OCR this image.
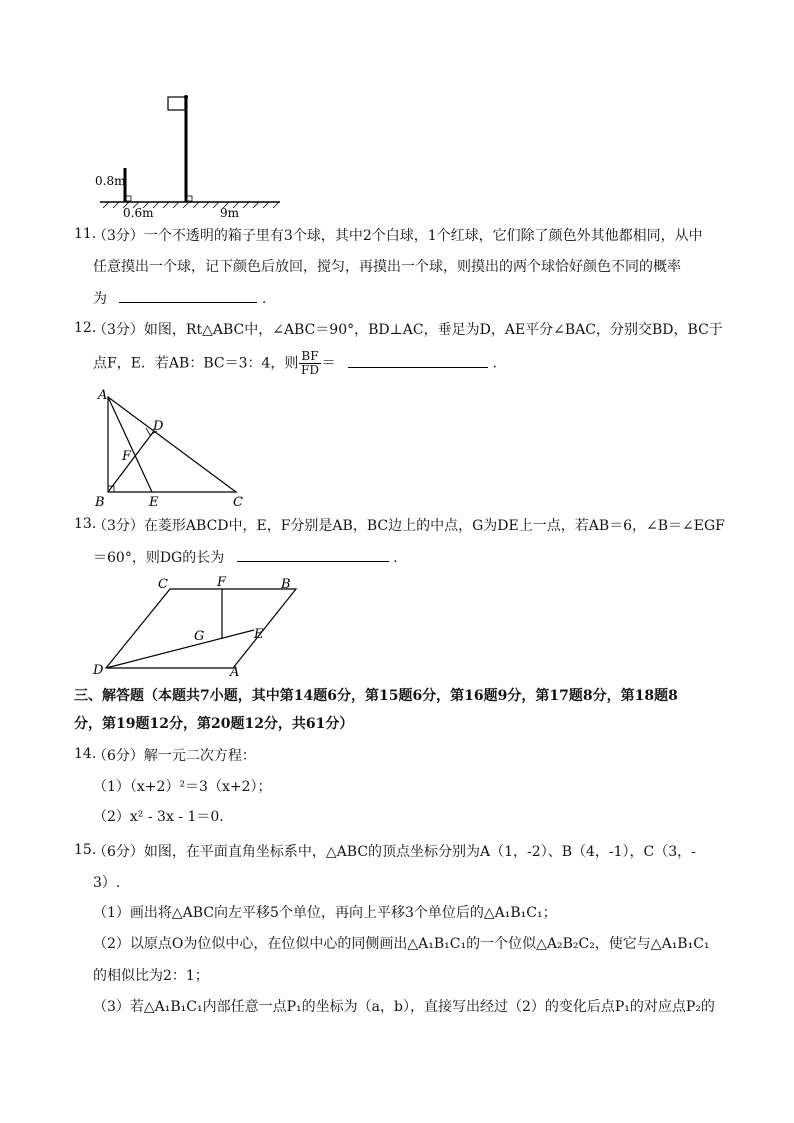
0.8m
0.6m	9m
11.
（3分）一个不透明的箱子里有3个球，其中2个白球，1个红球，它们除了颜色外其他都相同，从中
任意摸出一个球，记下颜色后放回，搅匀，再摸出一个球，则摸出的两个球恰好颜色不同的概率
为	.
12.
（3分）如图，Rt△ABC中，∠ABC＝90°，BD⊥AC，垂足为D，AE平分∠BAC，分别交BD，BC于
点F，E．若AB：BC＝3：4，则 $\frac{BF}{FD}$ ＝	.
A
B	C
D
E
F
13.
（3分）在菱形ABCD中，E，F分别是AB，BC边上的中点，G为DE上一点，若AB＝6，∠B＝∠EGF
＝60°，则DG的长为	.
C	F	B
G	E
D	A
三、解答题（本题共7小题，其中第14题6分，第15题6分，第16题9分，第17题8分，第18题8
分，第19题12分，第20题12分，共61分）
14.
（6分）解一元二次方程：
（1）（x+2）²＝3（x+2）；
（2）x² - 3x - 1＝0.
15.
（6分）如图，在平面直角坐标系中，△ABC的顶点坐标分别为A（1，-2）、B（4，-1），C（3，-
3）.
（1）画出将△ABC向左平移5个单位，再向上平移3个单位后的△A₁B₁C₁；
（2）以原点O为位似中心，在位似中心的同侧画出△A₁B₁C₁的一个位似△A₂B₂C₂，使它与△A₁B₁C₁
的相似比为2：1；
（3）若△A₁B₁C₁内部任意一点P₁的坐标为（a，b），直接写出经过（2）的变化后点P₁的对应点P₂的
